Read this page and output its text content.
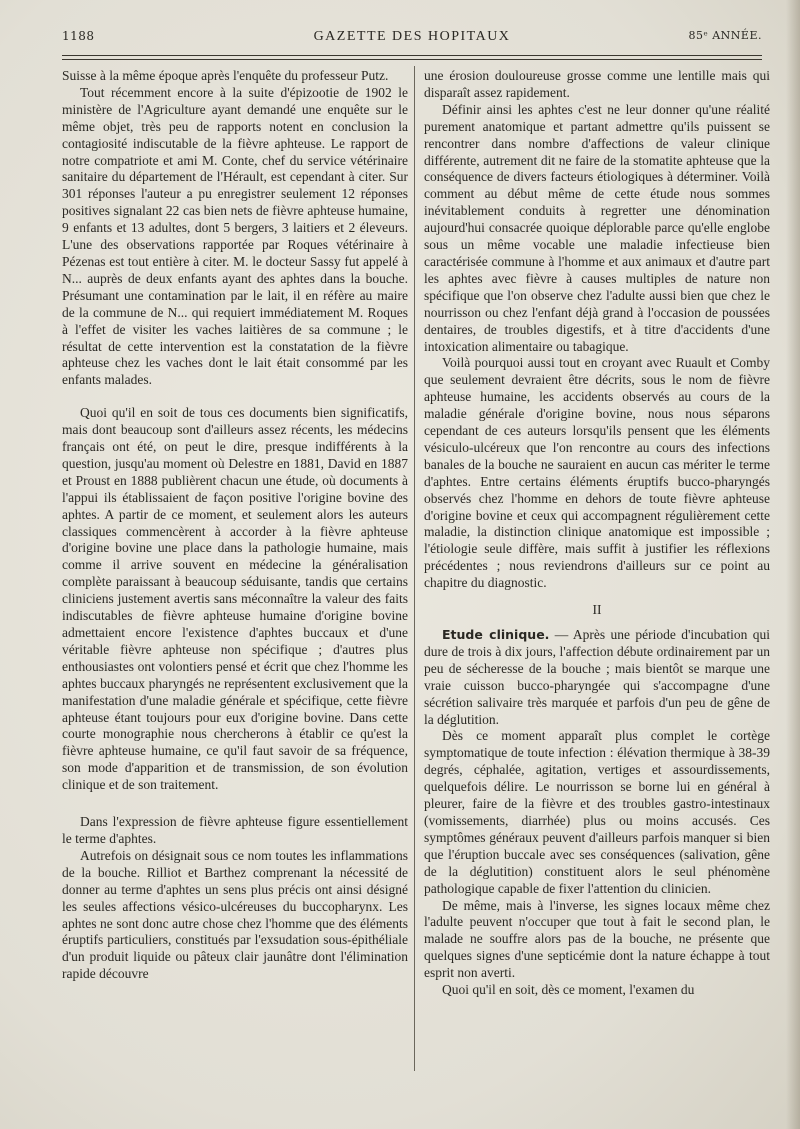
1188	GAZETTE DES HOPITAUX	85ᵉ ANNÉE.

Suisse à la même époque après l'enquête du professeur Putz.

Tout récemment encore à la suite d'épizootie de 1902 le ministère de l'Agriculture ayant demandé une enquête sur le même objet, très peu de rapports notent en conclusion la contagiosité indiscutable de la fièvre aphteuse. Le rapport de notre compatriote et ami M. Conte, chef du service vétérinaire sanitaire du département de l'Hérault, est cependant à citer. Sur 301 réponses l'auteur a pu enregistrer seulement 12 réponses positives signalant 22 cas bien nets de fièvre aphteuse humaine, 9 enfants et 13 adultes, dont 5 bergers, 3 laitiers et 2 éleveurs. L'une des observations rapportée par Roques vétérinaire à Pézenas est tout entière à citer. M. le docteur Sassy fut appelé à N... auprès de deux enfants ayant des aphtes dans la bouche. Présumant une contamination par le lait, il en réfère au maire de la commune de N... qui requiert immédiatement M. Roques à l'effet de visiter les vaches laitières de sa commune ; le résultat de cette intervention est la constatation de la fièvre aphteuse chez les vaches dont le lait était consommé par les enfants malades.

Quoi qu'il en soit de tous ces documents bien significatifs, mais dont beaucoup sont d'ailleurs assez récents, les médecins français ont été, on peut le dire, presque indifférents à la question, jusqu'au moment où Delestre en 1881, David en 1887 et Proust en 1888 publièrent chacun une étude, où documents à l'appui ils établissaient de façon positive l'origine bovine des aphtes. A partir de ce moment, et seulement alors les auteurs classiques commencèrent à accorder à la fièvre aphteuse d'origine bovine une place dans la pathologie humaine, mais comme il arrive souvent en médecine la généralisation complète paraissant à beaucoup séduisante, tandis que certains cliniciens justement avertis sans méconnaître la valeur des faits indiscutables de fièvre aphteuse humaine d'origine bovine admettaient encore l'existence d'aphtes buccaux et d'une véritable fièvre aphteuse non spécifique ; d'autres plus enthousiastes ont volontiers pensé et écrit que chez l'homme les aphtes buccaux pharyngés ne représentent exclusivement que la manifestation d'une maladie générale et spécifique, cette fièvre aphteuse étant toujours pour eux d'origine bovine. Dans cette courte monographie nous chercherons à établir ce qu'est la fièvre aphteuse humaine, ce qu'il faut savoir de sa fréquence, son mode d'apparition et de transmission, de son évolution clinique et de son traitement.

Dans l'expression de fièvre aphteuse figure essentiellement le terme d'aphtes.

Autrefois on désignait sous ce nom toutes les inflammations de la bouche. Rilliot et Barthez comprenant la nécessité de donner au terme d'aphtes un sens plus précis ont ainsi désigné les seules affections vésico-ulcéreuses du buccopharynx. Les aphtes ne sont donc autre chose chez l'homme que des éléments éruptifs particuliers, constitués par l'exsudation sous-épithéliale d'un produit liquide ou pâteux clair jaunâtre dont l'élimination rapide découvre

une érosion douloureuse grosse comme une lentille mais qui disparaît assez rapidement.

Définir ainsi les aphtes c'est ne leur donner qu'une réalité purement anatomique et partant admettre qu'ils puissent se rencontrer dans nombre d'affections de valeur clinique différente, autrement dit ne faire de la stomatite aphteuse que la conséquence de divers facteurs étiologiques à déterminer. Voilà comment au début même de cette étude nous sommes inévitablement conduits à regretter une dénomination aujourd'hui consacrée quoique déplorable parce qu'elle englobe sous un même vocable une maladie infectieuse bien caractérisée commune à l'homme et aux animaux et d'autre part les aphtes avec fièvre à causes multiples de nature non spécifique que l'on observe chez l'adulte aussi bien que chez le nourrisson ou chez l'enfant déjà grand à l'occasion de poussées dentaires, de troubles digestifs, et à titre d'accidents d'une intoxication alimentaire ou tabagique.

Voilà pourquoi aussi tout en croyant avec Ruault et Comby que seulement devraient être décrits, sous le nom de fièvre aphteuse humaine, les accidents observés au cours de la maladie générale d'origine bovine, nous nous séparons cependant de ces auteurs lorsqu'ils pensent que les éléments vésiculo-ulcéreux que l'on rencontre au cours des infections banales de la bouche ne sauraient en aucun cas mériter le terme d'aphtes. Entre certains éléments éruptifs bucco-pharyngés observés chez l'homme en dehors de toute fièvre aphteuse d'origine bovine et ceux qui accompagnent régulièrement cette maladie, la distinction clinique anatomique est impossible ; l'étiologie seule diffère, mais suffit à justifier les réflexions précédentes ; nous reviendrons d'ailleurs sur ce point au chapitre du diagnostic.

II

Etude clinique. — Après une période d'incubation qui dure de trois à dix jours, l'affection débute ordinairement par un peu de sécheresse de la bouche ; mais bientôt se marque une vraie cuisson bucco-pharyngée qui s'accompagne d'une sécrétion salivaire très marquée et parfois d'un peu de gêne de la déglutition.

Dès ce moment apparaît plus complet le cortège symptomatique de toute infection : élévation thermique à 38-39 degrés, céphalée, agitation, vertiges et assourdissements, quelquefois délire. Le nourrisson se borne lui en général à pleurer, faire de la fièvre et des troubles gastro-intestinaux (vomissements, diarrhée) plus ou moins accusés. Ces symptômes généraux peuvent d'ailleurs parfois manquer si bien que l'éruption buccale avec ses conséquences (salivation, gêne de la déglutition) constituent alors le seul phénomène pathologique capable de fixer l'attention du clinicien.

De même, mais à l'inverse, les signes locaux même chez l'adulte peuvent n'occuper que tout à fait le second plan, le malade ne souffre alors pas de la bouche, ne présente que quelques signes d'une septicémie dont la nature échappe à tout esprit non averti.

Quoi qu'il en soit, dès ce moment, l'examen du
